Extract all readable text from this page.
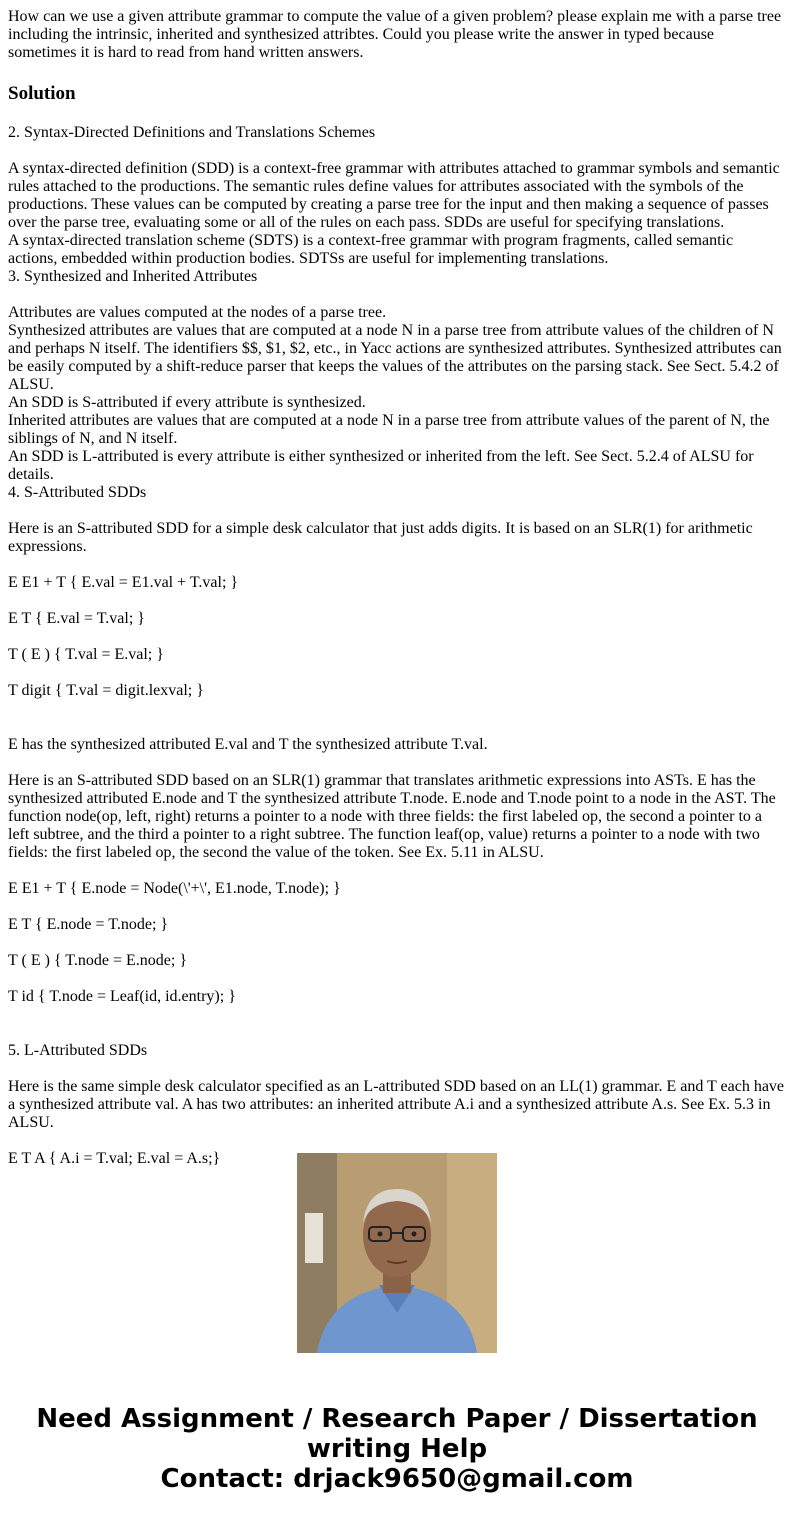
How can we use a given attribute grammar to compute the value of a given problem? please explain me with a parse tree including the intrinsic, inherited and synthesized attribtes. Could you please write the answer in typed because sometimes it is hard to read from hand written answers.

Solution
2. Syntax-Directed Definitions and Translations Schemes
A syntax-directed definition (SDD) is a context-free grammar with attributes attached to grammar symbols and semantic rules attached to the productions. The semantic rules define values for attributes associated with the symbols of the productions. These values can be computed by creating a parse tree for the input and then making a sequence of passes over the parse tree, evaluating some or all of the rules on each pass. SDDs are useful for specifying translations.
A syntax-directed translation scheme (SDTS) is a context-free grammar with program fragments, called semantic actions, embedded within production bodies. SDTSs are useful for implementing translations.
3. Synthesized and Inherited Attributes
Attributes are values computed at the nodes of a parse tree.
Synthesized attributes are values that are computed at a node N in a parse tree from attribute values of the children of N and perhaps N itself. The identifiers $$, $1, $2, etc., in Yacc actions are synthesized attributes. Synthesized attributes can be easily computed by a shift-reduce parser that keeps the values of the attributes on the parsing stack. See Sect. 5.4.2 of ALSU.
An SDD is S-attributed if every attribute is synthesized.
Inherited attributes are values that are computed at a node N in a parse tree from attribute values of the parent of N, the siblings of N, and N itself.
An SDD is L-attributed is every attribute is either synthesized or inherited from the left. See Sect. 5.2.4 of ALSU for details.
4. S-Attributed SDDs
Here is an S-attributed SDD for a simple desk calculator that just adds digits. It is based on an SLR(1) for arithmetic expressions.
E E1 + T { E.val = E1.val + T.val; }
E T { E.val = T.val; }
T ( E ) { T.val = E.val; }
T digit { T.val = digit.lexval; }
E has the synthesized attributed E.val and T the synthesized attribute T.val.
Here is an S-attributed SDD based on an SLR(1) grammar that translates arithmetic expressions into ASTs. E has the synthesized attributed E.node and T the synthesized attribute T.node. E.node and T.node point to a node in the AST. The function node(op, left, right) returns a pointer to a node with three fields: the first labeled op, the second a pointer to a left subtree, and the third a pointer to a right subtree. The function leaf(op, value) returns a pointer to a node with two fields: the first labeled op, the second the value of the token. See Ex. 5.11 in ALSU.
E E1 + T { E.node = Node(\'+\', E1.node, T.node); }
E T { E.node = T.node; }
T ( E ) { T.node = E.node; }
T id { T.node = Leaf(id, id.entry); }
5. L-Attributed SDDs
Here is the same simple desk calculator specified as an L-attributed SDD based on an LL(1) grammar. E and T each have a synthesized attribute val. A has two attributes: an inherited attribute A.i and a synthesized attribute A.s. See Ex. 5.3 in ALSU.
E T A { A.i = T.val; E.val = A.s;}
Need Assignment / Research Paper / Dissertation
writing Help
Contact: drjack9650@gmail.com
